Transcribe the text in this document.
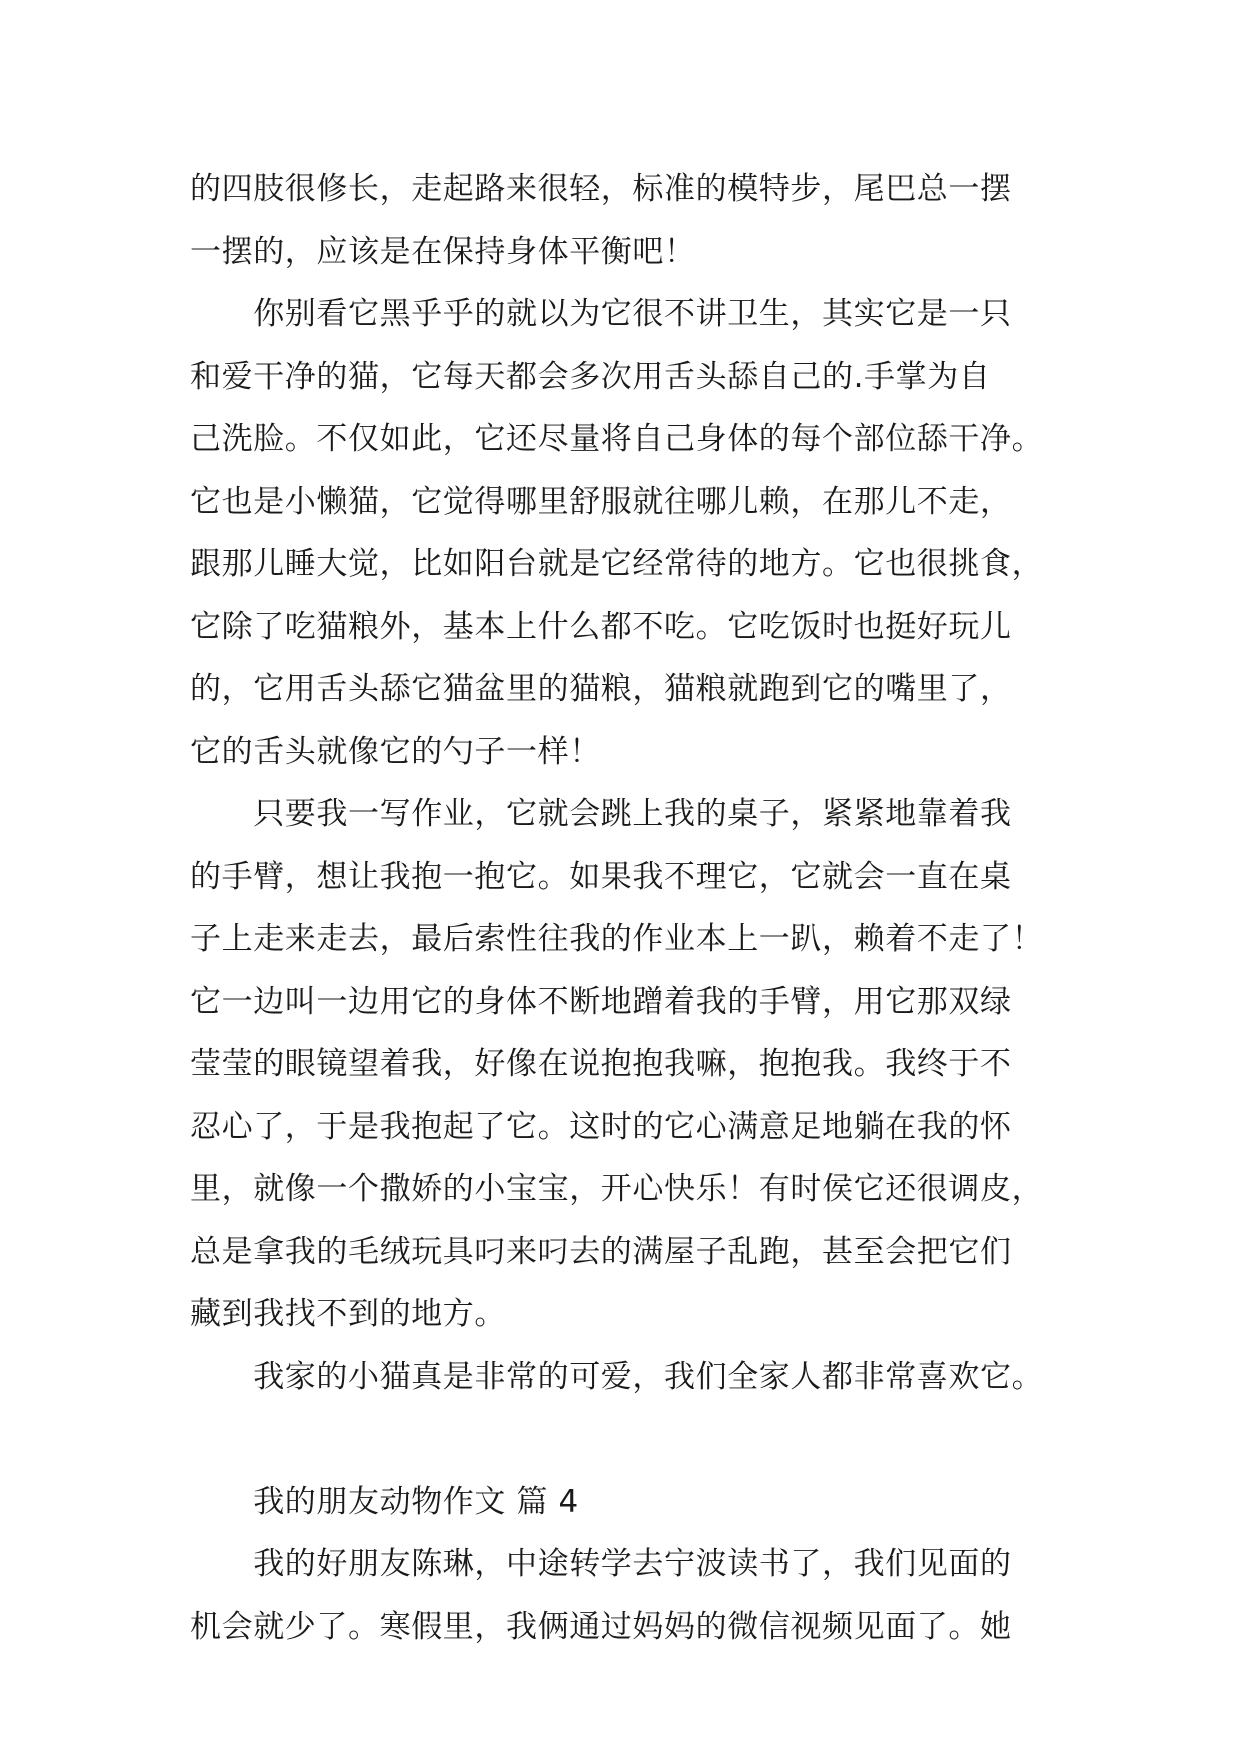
的四肢很修长，走起路来很轻，标准的模特步，尾巴总一摆
一摆的，应该是在保持身体平衡吧！
　　你别看它黑乎乎的就以为它很不讲卫生，其实它是一只
和爱干净的猫，它每天都会多次用舌头舔自己的.手掌为自
己洗脸。不仅如此，它还尽量将自己身体的每个部位舔干净。
它也是小懒猫，它觉得哪里舒服就往哪儿赖，在那儿不走，
跟那儿睡大觉，比如阳台就是它经常待的地方。它也很挑食，
它除了吃猫粮外，基本上什么都不吃。它吃饭时也挺好玩儿
的，它用舌头舔它猫盆里的猫粮，猫粮就跑到它的嘴里了，
它的舌头就像它的勺子一样！
　　只要我一写作业，它就会跳上我的桌子，紧紧地靠着我
的手臂，想让我抱一抱它。如果我不理它，它就会一直在桌
子上走来走去，最后索性往我的作业本上一趴，赖着不走了！
它一边叫一边用它的身体不断地蹭着我的手臂，用它那双绿
莹莹的眼镜望着我，好像在说抱抱我嘛，抱抱我。我终于不
忍心了，于是我抱起了它。这时的它心满意足地躺在我的怀
里，就像一个撒娇的小宝宝，开心快乐！有时侯它还很调皮，
总是拿我的毛绒玩具叼来叼去的满屋子乱跑，甚至会把它们
藏到我找不到的地方。
　　我家的小猫真是非常的可爱，我们全家人都非常喜欢它。
　　我的朋友动物作文 篇 4
　　我的好朋友陈琳，中途转学去宁波读书了，我们见面的
机会就少了。寒假里，我俩通过妈妈的微信视频见面了。她
